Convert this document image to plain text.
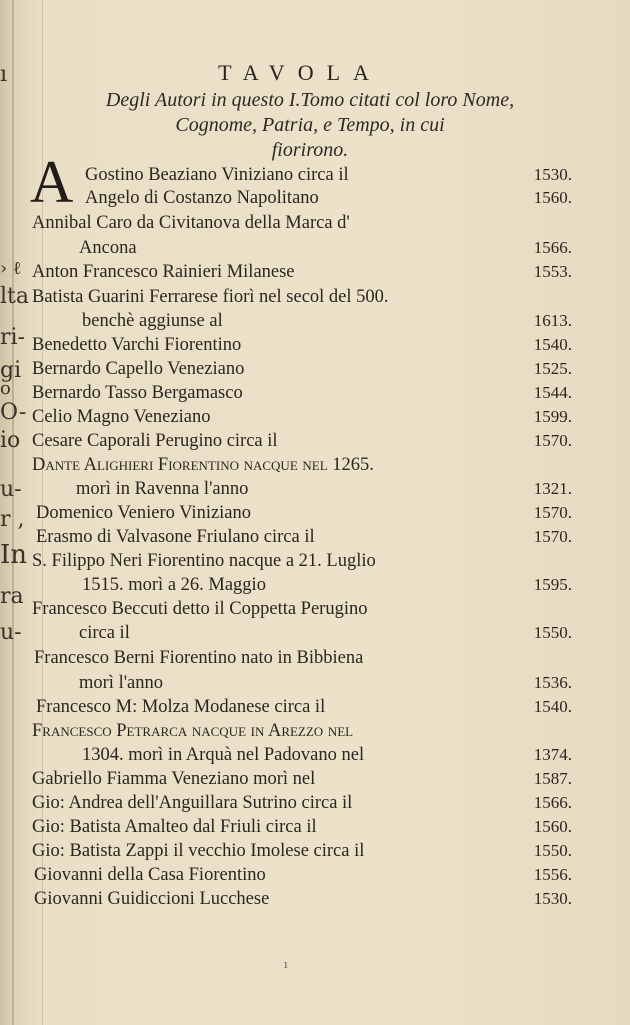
ı
› ℓ
lta
ri-
gi
o
O-
io
u-
r ,
In
ra
u-
TAVOLA
Degli Autori in questo I.Tomo citati col loro Nome,
Cognome, Patria, e Tempo, in cui
fiorirono.
A Gostino Beaziano Viniziano circa il	1530.
Angelo di Costanzo Napolitano	1560.
Annibal Caro da Civitanova della Marca d'
Ancona	1566.
Anton Francesco Rainieri Milanese	1553.
Batista Guarini Ferrarese fiorì nel secol del 500.
benchè aggiunse al	1613.
Benedetto Varchi Fiorentino	1540.
Bernardo Capello Veneziano	1525.
Bernardo Tasso Bergamasco	1544.
Celio Magno Veneziano	1599.
Cesare Caporali Perugino circa il	1570.
Dante Alighieri Fiorentino nacque nel 1265.
morì in Ravenna l'anno	1321.
Domenico Veniero Viniziano	1570.
Erasmo di Valvasone Friulano circa il	1570.
S. Filippo Neri Fiorentino nacque a 21. Luglio
1515. morì a 26. Maggio	1595.
Francesco Beccuti detto il Coppetta Perugino
circa il	1550.
Francesco Berni Fiorentino nato in Bibbiena
morì l'anno	1536.
Francesco M: Molza Modanese circa il	1540.
Francesco Petrarca nacque in Arezzo nel
1304. morì in Arquà nel Padovano nel	1374.
Gabriello Fiamma Veneziano morì nel	1587.
Gio: Andrea dell'Anguillara Sutrino circa il	1566.
Gio: Batista Amalteo dal Friuli circa il	1560.
Gio: Batista Zappi il vecchio Imolese circa il	1550.
Giovanni della Casa Fiorentino	1556.
Giovanni Guidiccioni Lucchese	1530.
ı
